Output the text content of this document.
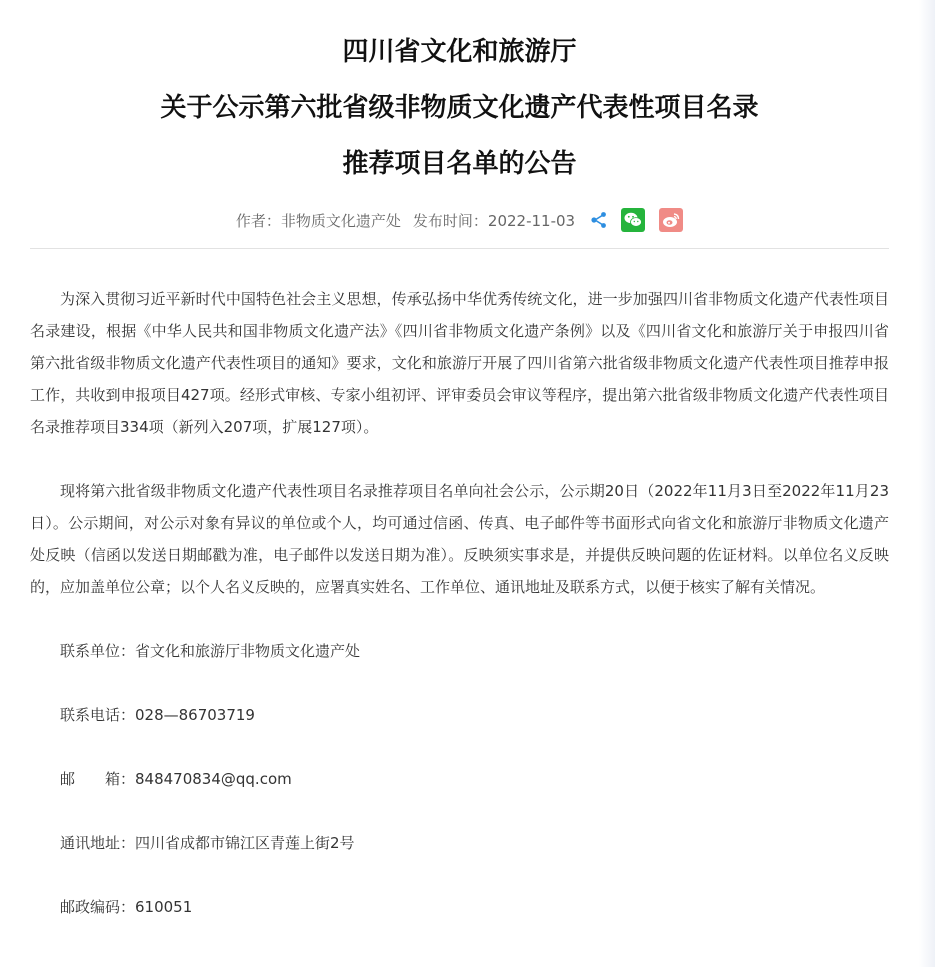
四川省文化和旅游厅
关于公示第六批省级非物质文化遗产代表性项目名录
推荐项目名单的公告
作者：非物质文化遗产处 发布时间：2022-11-03

为深入贯彻习近平新时代中国特色社会主义思想，传承弘扬中华优秀传统文化，进一步加强四川省非物质文化遗产代表性项目名录建设，根据《中华人民共和国非物质文化遗产法》《四川省非物质文化遗产条例》以及《四川省文化和旅游厅关于申报四川省第六批省级非物质文化遗产代表性项目的通知》要求，文化和旅游厅开展了四川省第六批省级非物质文化遗产代表性项目推荐申报工作，共收到申报项目427项。经形式审核、专家小组初评、评审委员会审议等程序，提出第六批省级非物质文化遗产代表性项目名录推荐项目334项（新列入207项，扩展127项）。

现将第六批省级非物质文化遗产代表性项目名录推荐项目名单向社会公示，公示期20日（2022年11月3日至2022年11月23日）。公示期间，对公示对象有异议的单位或个人，均可通过信函、传真、电子邮件等书面形式向省文化和旅游厅非物质文化遗产处反映（信函以发送日期邮戳为准，电子邮件以发送日期为准）。反映须实事求是，并提供反映问题的佐证材料。以单位名义反映的，应加盖单位公章；以个人名义反映的，应署真实姓名、工作单位、通讯地址及联系方式，以便于核实了解有关情况。

联系单位：省文化和旅游厅非物质文化遗产处

联系电话：028—86703719

邮　　箱：848470834@qq.com

通讯地址：四川省成都市锦江区青莲上街2号

邮政编码：610051
